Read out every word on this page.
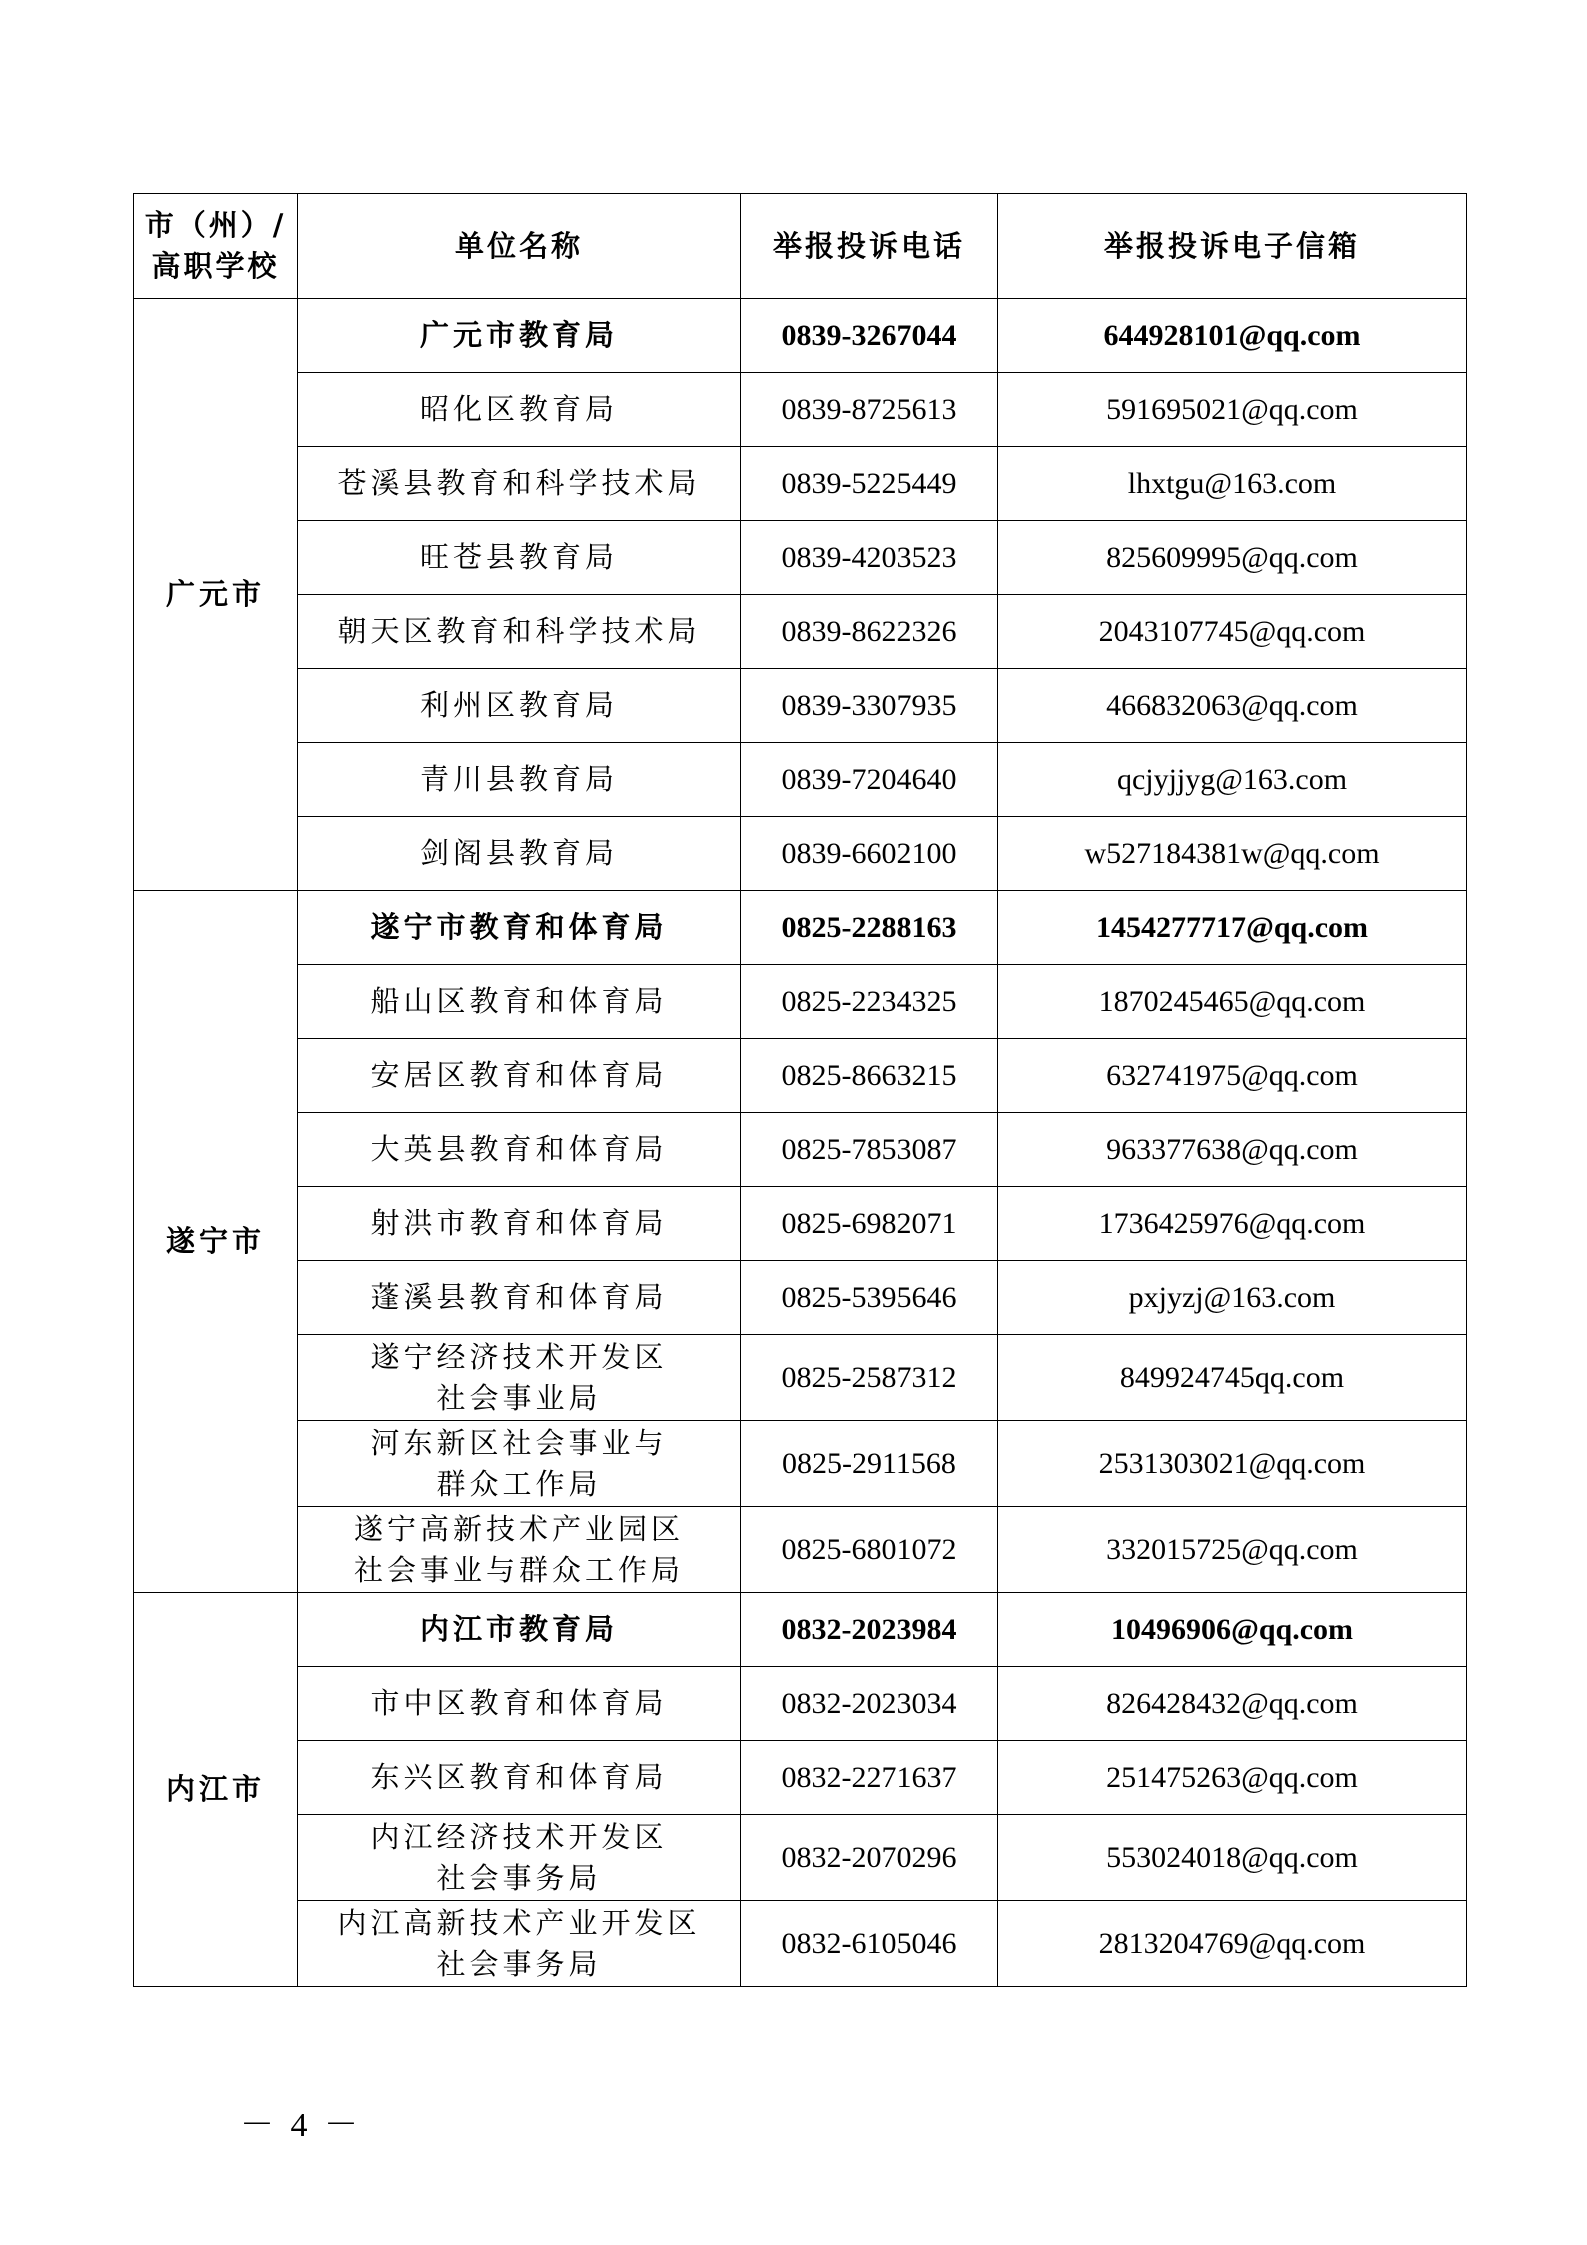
市（州）/
高职学校	单位名称	举报投诉电话	举报投诉电子信箱
广元市	广元市教育局	0839-3267044	644928101@qq.com

	昭化区教育局	0839-8725613	591695021@qq.com

	苍溪县教育和科学技术局	0839-5225449	lhxtgu@163.com

	旺苍县教育局	0839-4203523	825609995@qq.com

	朝天区教育和科学技术局	0839-8622326	2043107745@qq.com

	利州区教育局	0839-3307935	466832063@qq.com

	青川县教育局	0839-7204640	qcjyjjyg@163.com

	剑阁县教育局	0839-6602100	w527184381w@qq.com
遂宁市	遂宁市教育和体育局	0825-2288163	1454277717@qq.com

	船山区教育和体育局	0825-2234325	1870245465@qq.com

	安居区教育和体育局	0825-8663215	632741975@qq.com

	大英县教育和体育局	0825-7853087	963377638@qq.com

	射洪市教育和体育局	0825-6982071	1736425976@qq.com

	蓬溪县教育和体育局	0825-5395646	pxjyzj@163.com

	遂宁经济技术开发区
社会事业局	0825-2587312	849924745qq.com

	河东新区社会事业与
群众工作局	0825-2911568	2531303021@qq.com

	遂宁高新技术产业园区
社会事业与群众工作局	0825-6801072	332015725@qq.com
内江市	内江市教育局	0832-2023984	10496906@qq.com

	市中区教育和体育局	0832-2023034	826428432@qq.com

	东兴区教育和体育局	0832-2271637	251475263@qq.com

	内江经济技术开发区
社会事务局	0832-2070296	553024018@qq.com

	内江高新技术产业开发区
社会事务局	0832-6105046	2813204769@qq.com
－ 4 －
